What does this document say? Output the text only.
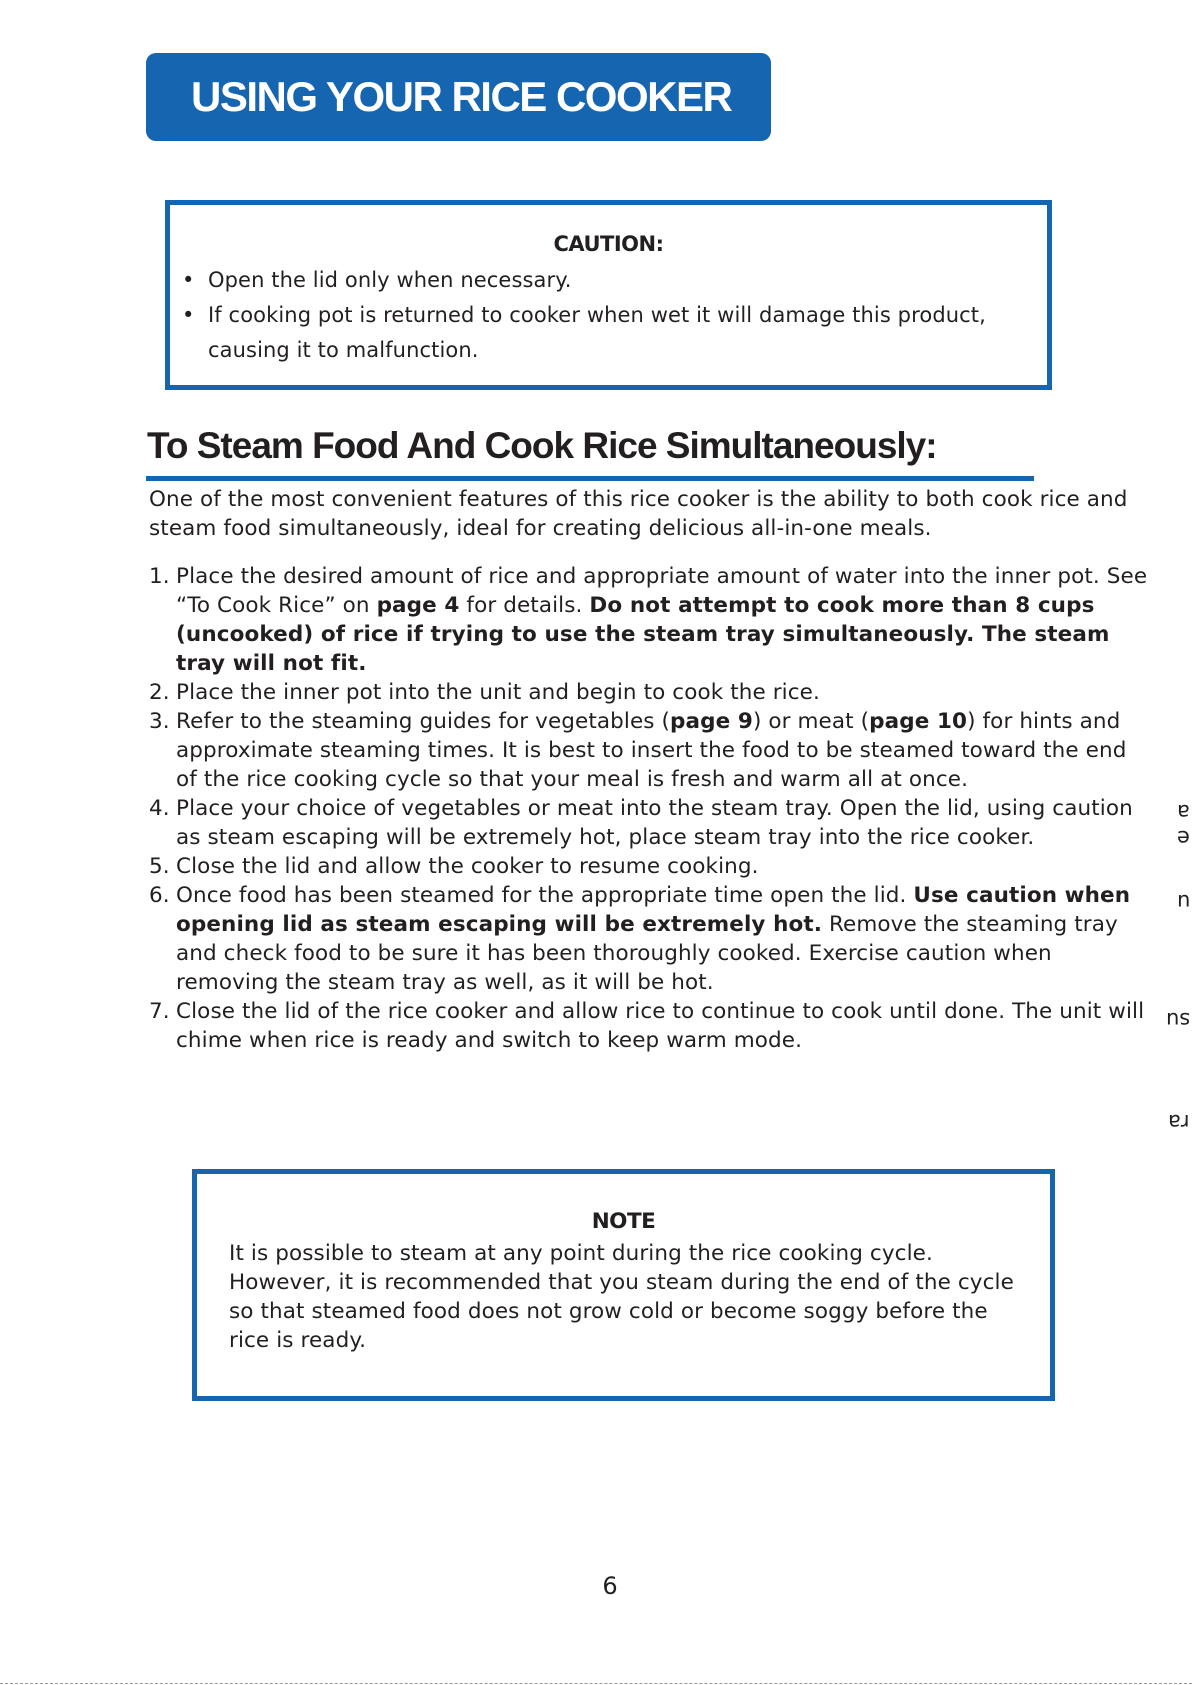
USING YOUR RICE COOKER
CAUTION:
• Open the lid only when necessary.
• If cooking pot is returned to cooker when wet it will damage this product, causing it to malfunction.
To Steam Food And Cook Rice Simultaneously:
One of the most convenient features of this rice cooker is the ability to both cook rice and steam food simultaneously, ideal for creating delicious all-in-one meals.
1. Place the desired amount of rice and appropriate amount of water into the inner pot. See “To Cook Rice” on page 4 for details. Do not attempt to cook more than 8 cups (uncooked) of rice if trying to use the steam tray simultaneously. The steam tray will not fit.
2. Place the inner pot into the unit and begin to cook the rice.
3. Refer to the steaming guides for vegetables (page 9) or meat (page 10) for hints and approximate steaming times. It is best to insert the food to be steamed toward the end of the rice cooking cycle so that your meal is fresh and warm all at once.
4. Place your choice of vegetables or meat into the steam tray. Open the lid, using caution as steam escaping will be extremely hot, place steam tray into the rice cooker.
5. Close the lid and allow the cooker to resume cooking.
6. Once food has been steamed for the appropriate time open the lid. Use caution when opening lid as steam escaping will be extremely hot. Remove the steaming tray and check food to be sure it has been thoroughly cooked. Exercise caution when removing the steam tray as well, as it will be hot.
7. Close the lid of the rice cooker and allow rice to continue to cook until done. The unit will chime when rice is ready and switch to keep warm mode.
NOTE
It is possible to steam at any point during the rice cooking cycle. However, it is recommended that you steam during the end of the cycle so that steamed food does not grow cold or become soggy before the rice is ready.
6
a
e
u
su
ra
